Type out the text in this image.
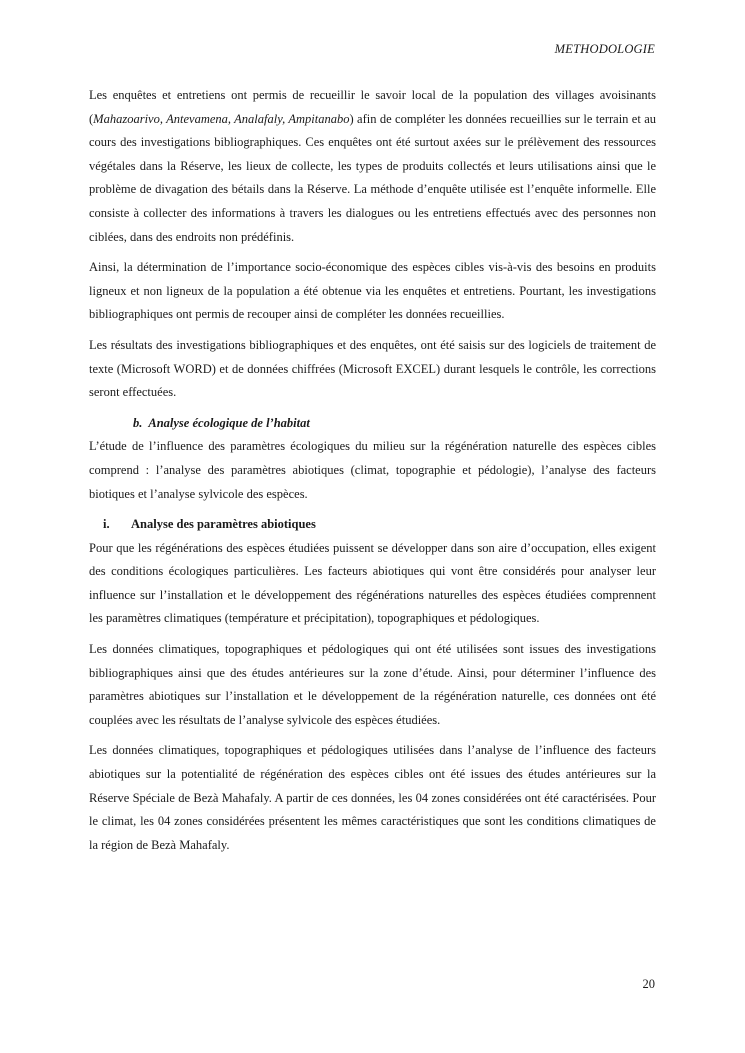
METHODOLOGIE

Les enquêtes et entretiens ont permis de recueillir le savoir local de la population des villages avoisinants (Mahazoarivo, Antevamena, Analafaly, Ampitanabo) afin de compléter les données recueillies sur le terrain et au cours des investigations bibliographiques. Ces enquêtes ont été surtout axées sur le prélèvement des ressources végétales dans la Réserve, les lieux de collecte, les types de produits collectés et leurs utilisations ainsi que le problème de divagation des bétails dans la Réserve. La méthode d’enquête utilisée est l’enquête informelle. Elle consiste à collecter des informations à travers les dialogues ou les entretiens effectués avec des personnes non ciblées, dans des endroits non prédéfinis.

Ainsi, la détermination de l’importance socio-économique des espèces cibles vis-à-vis des besoins en produits ligneux et non ligneux de la population a été obtenue via les enquêtes et entretiens. Pourtant, les investigations bibliographiques ont permis de recouper ainsi de compléter les données recueillies.

Les résultats des investigations bibliographiques et des enquêtes, ont été saisis sur des logiciels de traitement de texte (Microsoft WORD) et de données chiffrées (Microsoft EXCEL) durant lesquels le contrôle, les corrections seront effectuées.

b. Analyse écologique de l’habitat

L’étude de l’influence des paramètres écologiques du milieu sur la régénération naturelle des espèces cibles comprend : l’analyse des paramètres abiotiques (climat, topographie et pédologie), l’analyse des facteurs biotiques et l’analyse sylvicole des espèces.

i. Analyse des paramètres abiotiques

Pour que les régénérations des espèces étudiées puissent se développer dans son aire d’occupation, elles exigent des conditions écologiques particulières. Les facteurs abiotiques qui vont être considérés pour analyser leur influence sur l’installation et le développement des régénérations naturelles des espèces étudiées comprennent les paramètres climatiques (température et précipitation), topographiques et pédologiques.

Les données climatiques, topographiques et pédologiques qui ont été utilisées sont issues des investigations bibliographiques ainsi que des études antérieures sur la zone d’étude. Ainsi, pour déterminer l’influence des paramètres abiotiques sur l’installation et le développement de la régénération naturelle, ces données ont été couplées avec les résultats de l’analyse sylvicole des espèces étudiées.

Les données climatiques, topographiques et pédologiques utilisées dans l’analyse de l’influence des facteurs abiotiques sur la potentialité de régénération des espèces cibles ont été issues des études antérieures sur la Réserve Spéciale de Bezà Mahafaly. A partir de ces données, les 04 zones considérées ont été caractérisées. Pour le climat, les 04 zones considérées présentent les mêmes caractéristiques que sont les conditions climatiques de la région de Bezà Mahafaly.

20
